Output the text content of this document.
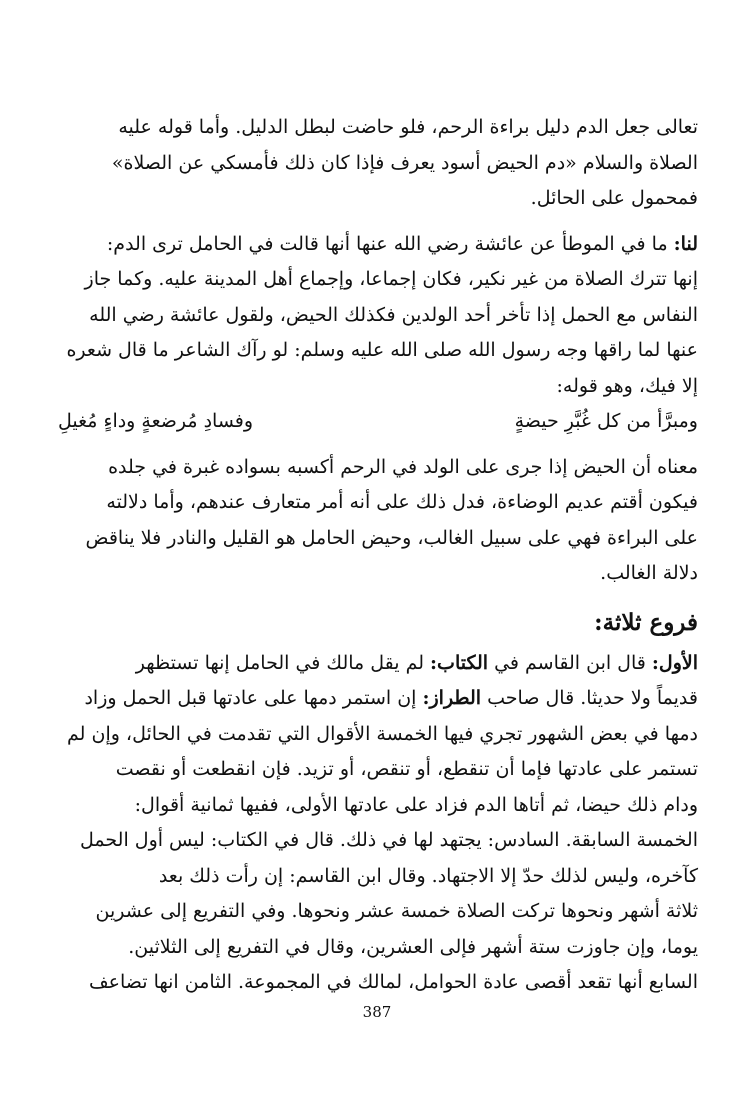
تعالى جعل الدم دليل براءة الرحم، فلو حاضت لبطل الدليل. وأما قوله عليه

الصلاة والسلام «دم الحيض أسود يعرف فإذا كان ذلك فأمسكي عن الصلاة»

فمحمول على الحائل.

لنا: ما في الموطأ عن عائشة رضي الله عنها أنها قالت في الحامل ترى الدم:

إنها تترك الصلاة من غير نكير، فكان إجماعا، وإجماع أهل المدينة عليه. وكما جاز

النفاس مع الحمل إذا تأخر أحد الولدين فكذلك الحيض، ولقول عائشة رضي الله

عنها لما راقها وجه رسول الله صلى الله عليه وسلم: لو رآك الشاعر ما قال شعره

إلا فيك، وهو قوله:

ومبرَّأ من كل غُبَّرِ حيضةٍ
وفسادِ مُرضعةٍ وداءٍ مُغيلِ

معناه أن الحيض إذا جرى على الولد في الرحم أكسبه بسواده غبرة في جلده

فيكون أقتم عديم الوضاءة، فدل ذلك على أنه أمر متعارف عندهم، وأما دلالته

على البراءة فهي على سبيل الغالب، وحيض الحامل هو القليل والنادر فلا يناقض

دلالة الغالب.

فروع ثلاثة:

الأول: قال ابن القاسم في الكتاب: لم يقل مالك في الحامل إنها تستظهر

قديماً ولا حديثا. قال صاحب الطراز: إن استمر دمها على عادتها قبل الحمل وزاد

دمها في بعض الشهور تجري فيها الخمسة الأقوال التي تقدمت في الحائل، وإن لم

تستمر على عادتها فإما أن تنقطع، أو تنقص، أو تزيد. فإن انقطعت أو نقصت

ودام ذلك حيضا، ثم أتاها الدم فزاد على عادتها الأولى، ففيها ثمانية أقوال:

الخمسة السابقة. السادس: يجتهد لها في ذلك. قال في الكتاب: ليس أول الحمل

كآخره، وليس لذلك حدّ إلا الاجتهاد. وقال ابن القاسم: إن رأت ذلك بعد

ثلاثة أشهر ونحوها تركت الصلاة خمسة عشر ونحوها. وفي التفريع إلى عشرين

يوما، وإن جاوزت ستة أشهر فإلى العشرين، وقال في التفريع إلى الثلاثين.

السابع أنها تقعد أقصى عادة الحوامل، لمالك في المجموعة. الثامن انها تضاعف

387
